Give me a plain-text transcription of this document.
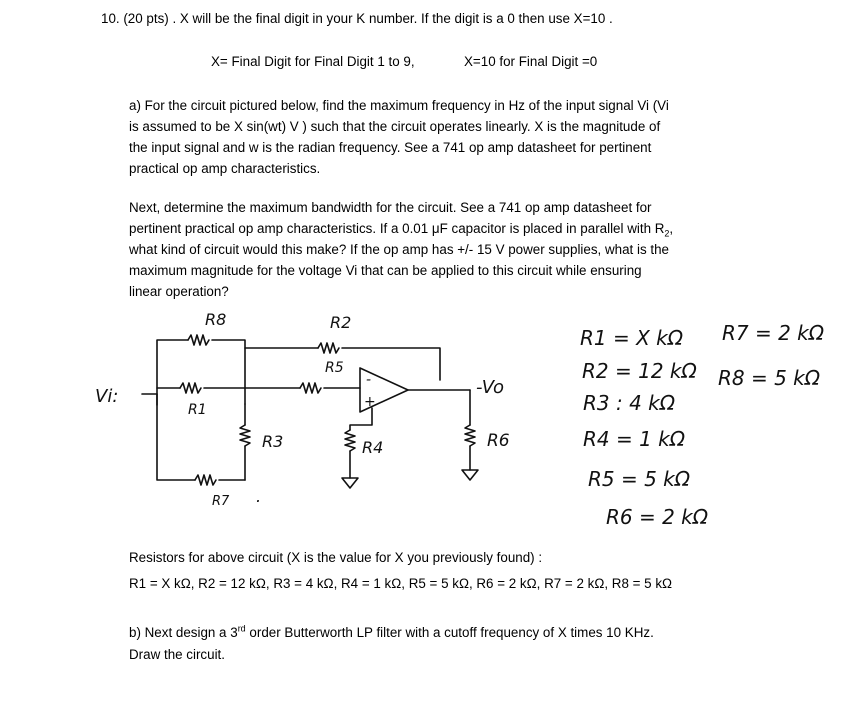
10. (20 pts) . X will be the final digit in your K number. If the digit is a 0 then use X=10 .
X= Final Digit for Final Digit 1 to 9,	X=10 for Final Digit =0

a) For the circuit pictured below, find the maximum frequency in Hz of the input signal Vi (Vi

is assumed to be X sin(wt) V ) such that the circuit operates linearly. X is the magnitude of

the input signal and w is the radian frequency. See a 741 op amp datasheet for pertinent

practical op amp characteristics.

Next, determine the maximum bandwidth for the circuit. See a 741 op amp datasheet for

pertinent practical op amp characteristics. If a 0.01 μF capacitor is placed in parallel with $R_2$,

what kind of circuit would this make? If the op amp has +/- 15 V power supplies, what is the

maximum magnitude for the voltage Vi that can be applied to this circuit while ensuring

linear operation?

R8	R2
R5
R1
R3	R4	R6
R7
Vi:	-Vo
-
+
.
R1 = X kΩ
R2 = 12 kΩ
R3 : 4 kΩ
R4 = 1 kΩ
R5 = 5 kΩ
R6 = 2 kΩ
R7 = 2 kΩ
R8 = 5 kΩ
Resistors for above circuit (X is the value for X you previously found) :
R1 = X kΩ, R2 = 12 kΩ, R3 = 4 kΩ, R4 = 1 kΩ, R5 = 5 kΩ, R6 = 2 kΩ, R7 = 2 kΩ, R8 = 5 kΩ
b) Next design a 3rd order Butterworth LP filter with a cutoff frequency of X times 10 KHz.
Draw the circuit.
